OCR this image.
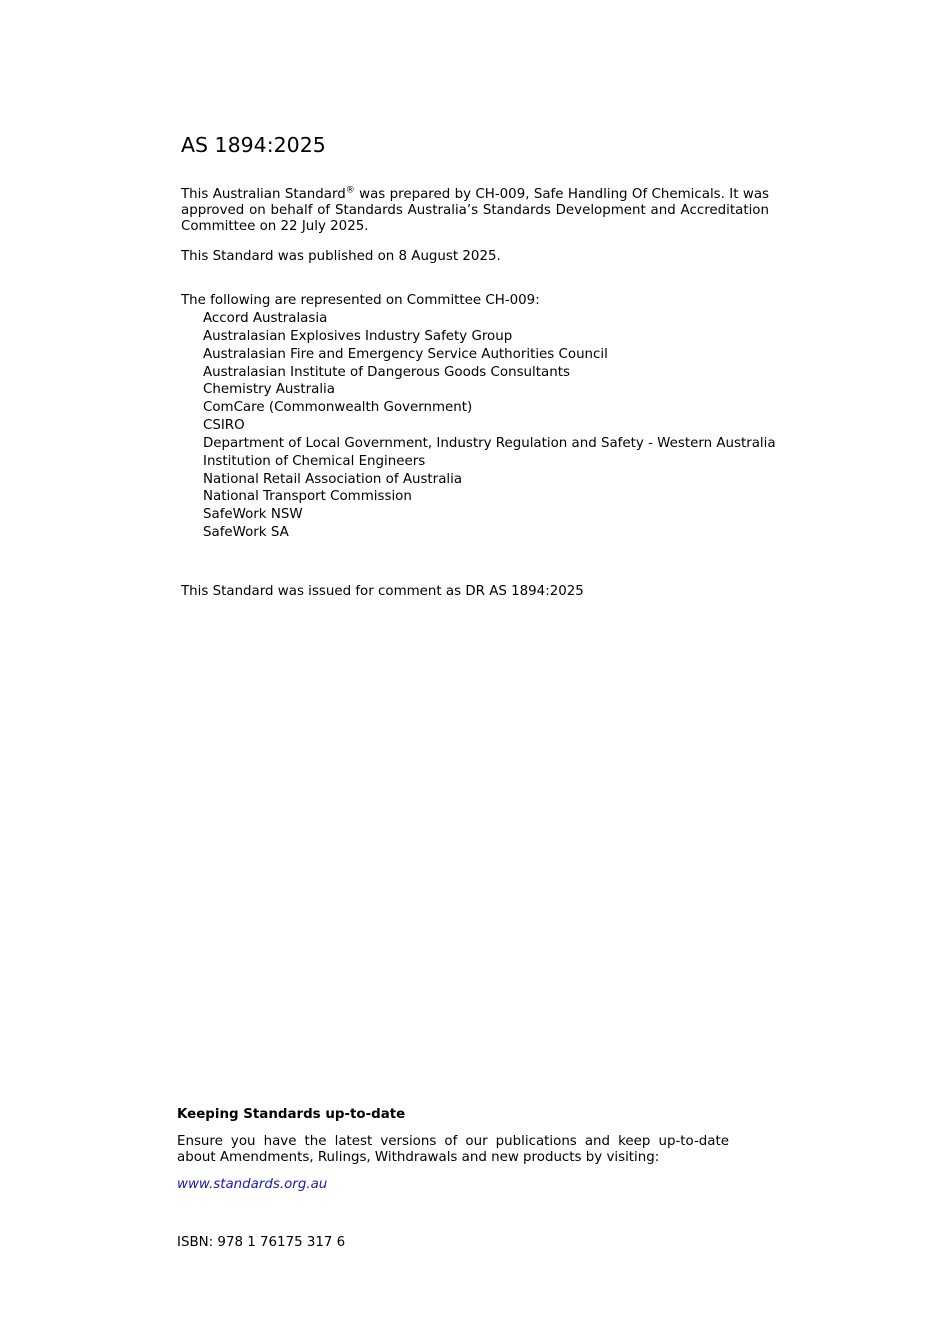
AS 1894:2025

This Australian Standard® was prepared by CH-009, Safe Handling Of Chemicals. It was approved on behalf of Standards Australia’s Standards Development and Accreditation Committee on 22 July 2025.

This Standard was published on 8 August 2025.

The following are represented on Committee CH-009:

Accord Australasia
Australasian Explosives Industry Safety Group
Australasian Fire and Emergency Service Authorities Council
Australasian Institute of Dangerous Goods Consultants
Chemistry Australia
ComCare (Commonwealth Government)
CSIRO
Department of Local Government, Industry Regulation and Safety - Western Australia
Institution of Chemical Engineers
National Retail Association of Australia
National Transport Commission
SafeWork NSW
SafeWork SA

This Standard was issued for comment as DR AS 1894:2025

Keeping Standards up-to-date

Ensure you have the latest versions of our publications and keep up-to-date about Amendments, Rulings, Withdrawals and new products by visiting:

www.standards.org.au

ISBN: 978 1 76175 317 6
